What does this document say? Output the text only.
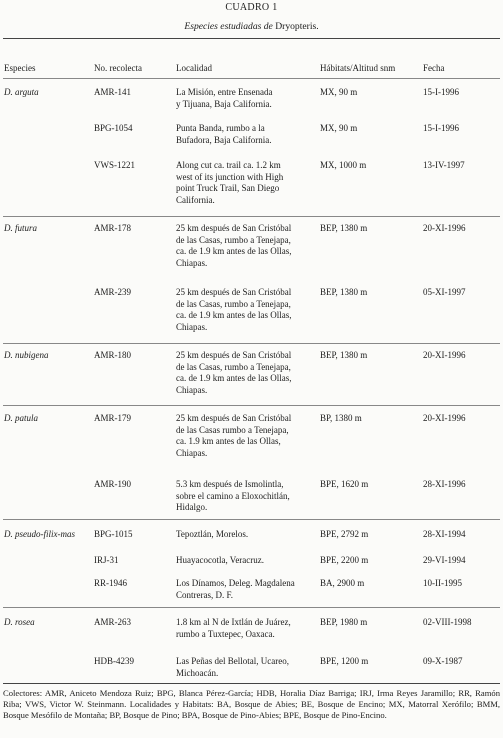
CUADRO 1
Especies estudiadas de Dryopteris.
Especies	No. recolecta	Localidad	Hábitats/Altitud snm	Fecha
D. arguta	AMR-141	La Misión, entre Ensenada
y Tijuana, Baja California.
MX, 90 m	15-I-1996
BPG-1054	Punta Banda, rumbo a la
Bufadora, Baja California.
MX, 90 m	15-I-1996
VWS-1221	Along cut ca. trail ca. 1.2 km
west of its junction with High
point Truck Trail, San Diego
California.
MX, 1000 m	13-IV-1997
D. futura	AMR-178	25 km después de San Cristóbal
de las Casas, rumbo a Tenejapa,
ca. de 1.9 km antes de las Ollas,
Chiapas.
BEP, 1380 m	20-XI-1996
AMR-239	25 km después de San Cristóbal
de las Casas, rumbo a Tenejapa,
ca. de 1.9 km antes de las Ollas,
Chiapas.
BEP, 1380 m	05-XI-1997
D. nubigena	AMR-180	25 km después de San Cristóbal
de las Casas, rumbo a Tenejapa,
ca. de 1.9 km antes de las Ollas,
Chiapas.
BEP, 1380 m	20-XI-1996
D. patula	AMR-179	25 km después de San Cristóbal
de las Casas rumbo a Tenejapa,
ca. 1.9 km antes de las Ollas,
Chiapas.
BP, 1380 m	20-XI-1996
AMR-190	5.3 km después de Ismolintla,
sobre el camino a Eloxochitlán,
Hidalgo.
BPE, 1620 m	28-XI-1996
D. pseudo-filix-mas BPG-1015	Tepoztlán, Morelos.	BPE, 2792 m	28-XI-1994
IRJ-31	Huayacocotla, Veracruz.	BPE, 2200 m	29-VI-1994
RR-1946	Los Dínamos, Deleg. Magdalena
Contreras, D. F.
BA, 2900 m	10-II-1995
D. rosea	AMR-263	1.8 km al N de Ixtlán de Juárez,
rumbo a Tuxtepec, Oaxaca.
BEP, 1980 m	02-VIII-1998
HDB-4239	Las Peñas del Bellotal, Ucareo,
Michoacán.
BPE, 1200 m	09-X-1987
Colectores: AMR, Aniceto Mendoza Ruiz; BPG, Blanca Pérez-García; HDB, Horalia Díaz Barriga; IRJ, Irma Reyes Jaramillo; RR, Ramón Riba; VWS, Victor W. Steinmann. Localidades y Habitats: BA, Bosque de Abies; BE, Bosque de Encino; MX, Matorral Xerófilo; BMM, Bosque Mesófilo de Montaña; BP, Bosque de Pino; BPA, Bosque de Pino-Abies; BPE, Bosque de Pino-Encino.
